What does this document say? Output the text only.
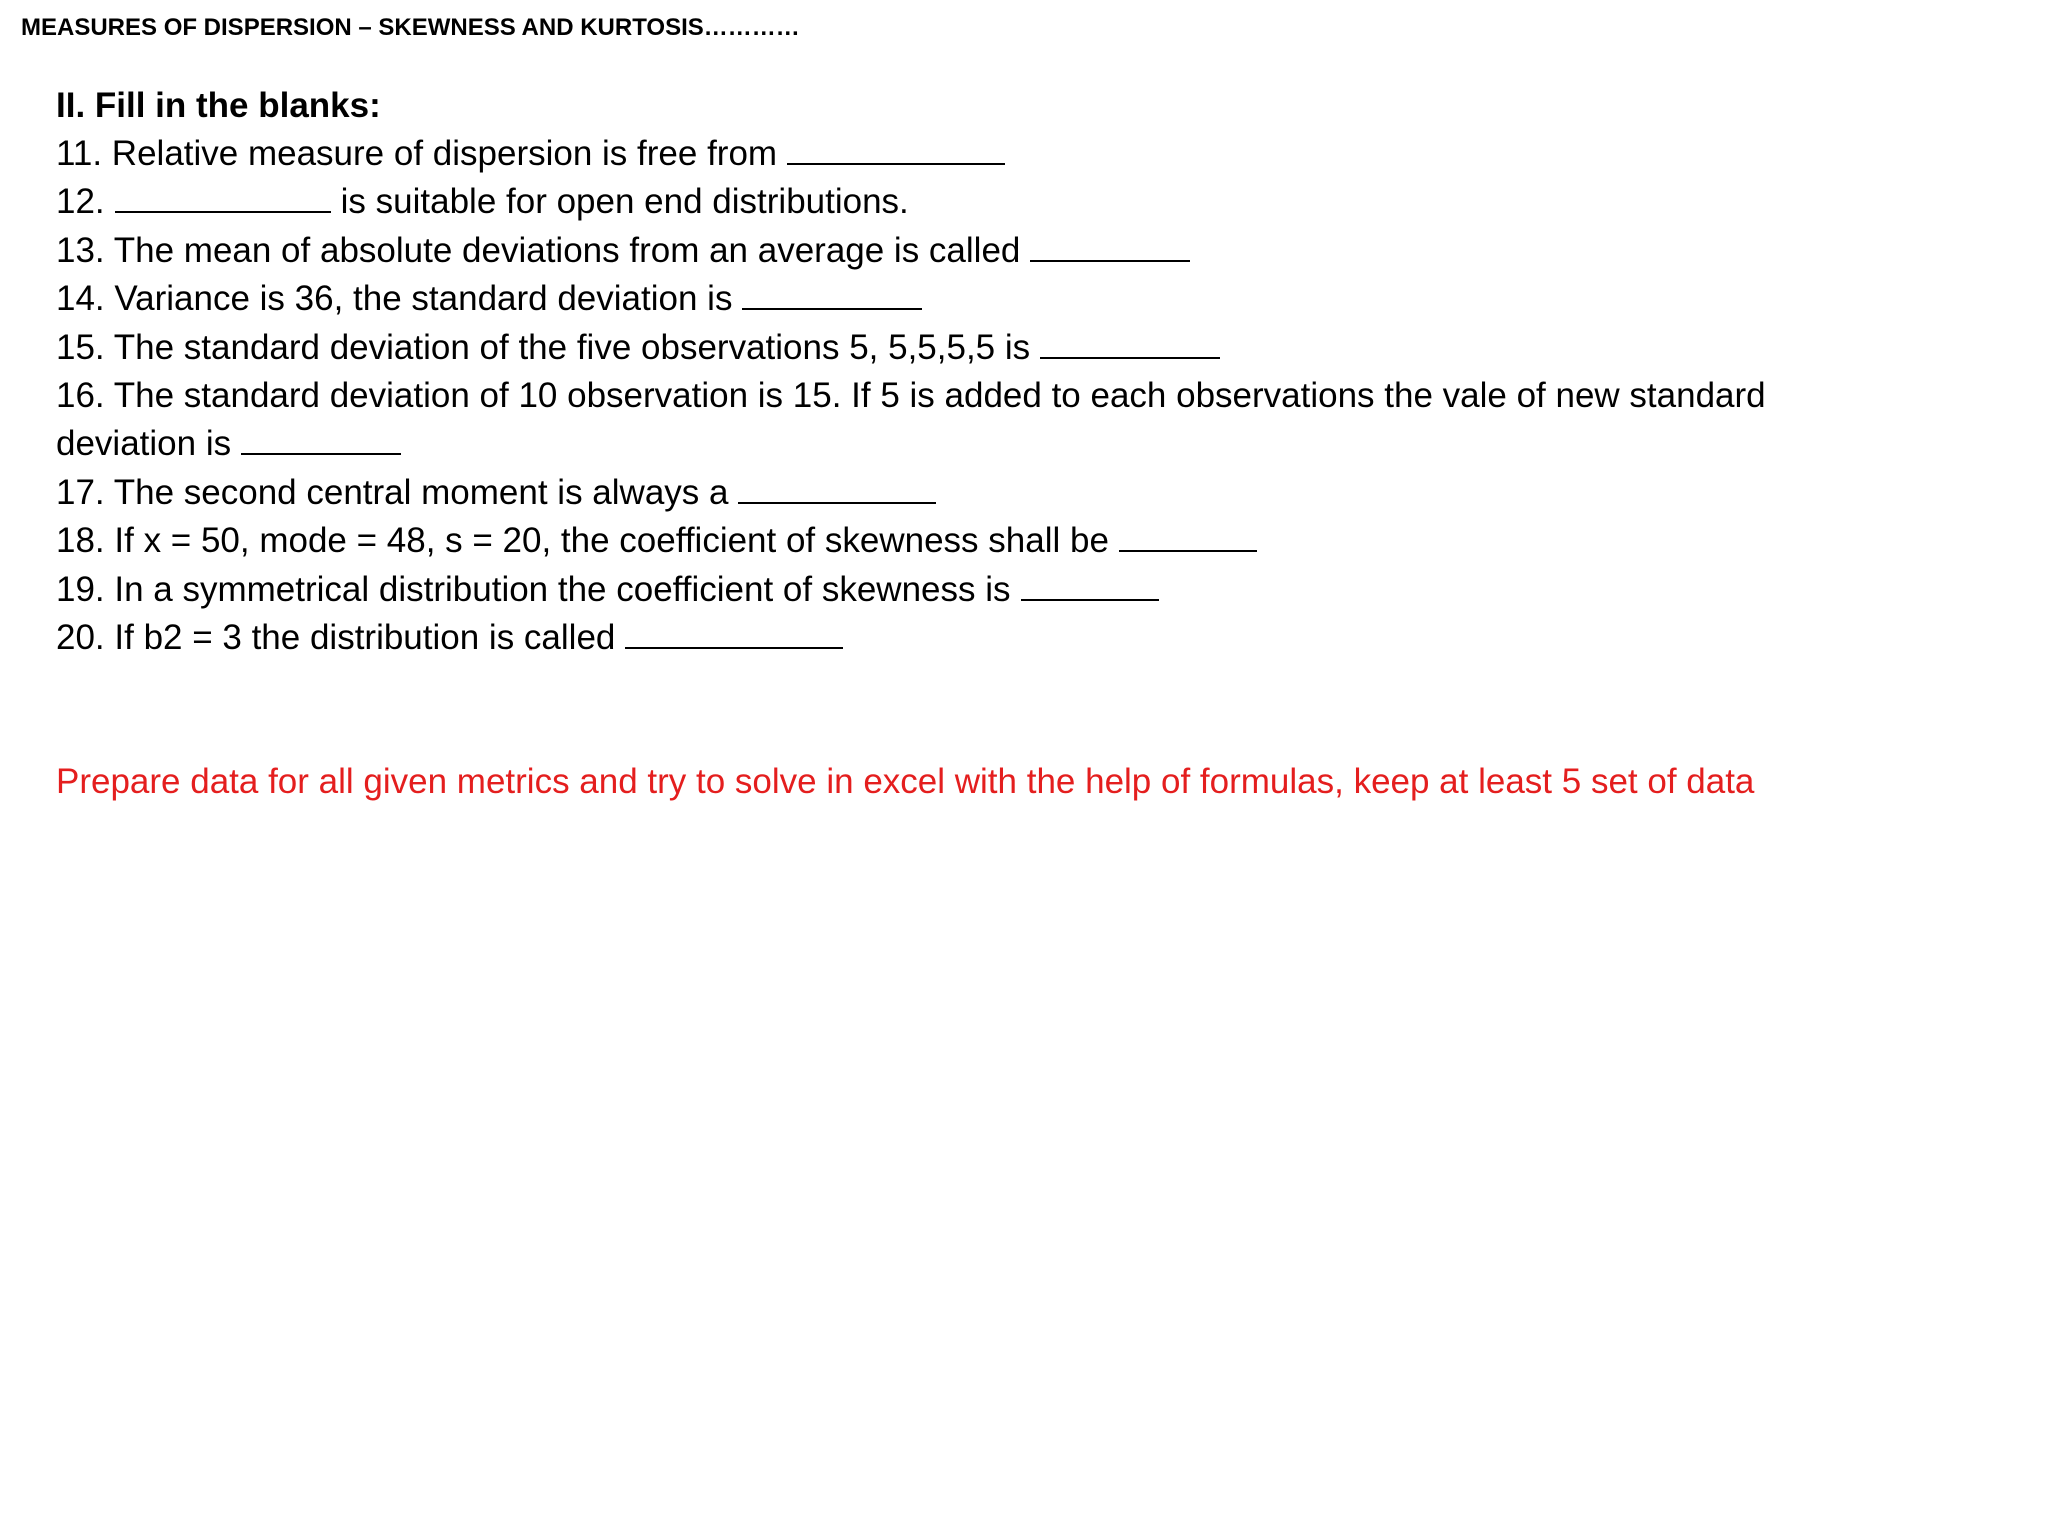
MEASURES OF DISPERSION – SKEWNESS AND KURTOSIS…………
II. Fill in the blanks:
11. Relative measure of dispersion is free from
12.	is suitable for open end distributions.
13. The mean of absolute deviations from an average is called
14. Variance is 36, the standard deviation is
15. The standard deviation of the five observations 5, 5,5,5,5 is
16. The standard deviation of 10 observation is 15. If 5 is added to each observations the vale of new standard deviation is
17. The second central moment is always a
18. If x = 50, mode = 48, s = 20, the coefficient of skewness shall be
19. In a symmetrical distribution the coefficient of skewness is
20. If b2 = 3 the distribution is called
Prepare data for all given metrics and try to solve in excel with the help of formulas, keep at least 5 set of data
